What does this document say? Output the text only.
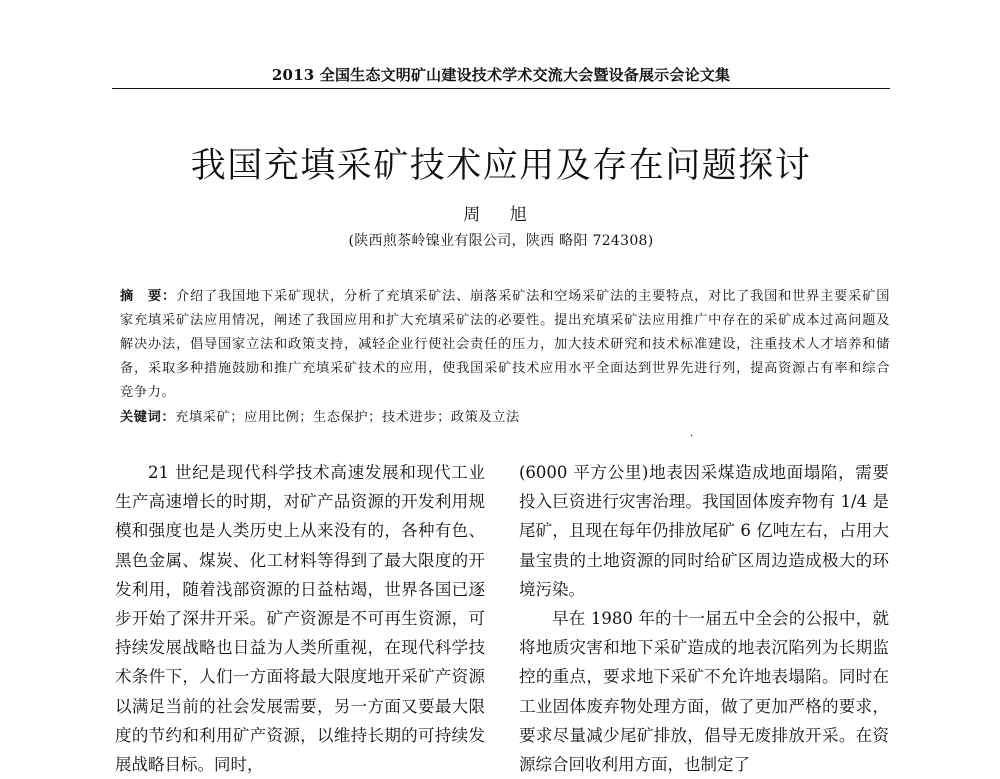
2013 全国生态文明矿山建设技术学术交流大会暨设备展示会论文集
我国充填采矿技术应用及存在问题探讨
周 旭
(陕西煎茶岭镍业有限公司，陕西 略阳 724308)
摘　要：介绍了我国地下采矿现状，分析了充填采矿法、崩落采矿法和空场采矿法的主要特点，对比了我国和世界主要采矿国家充填采矿法应用情况，阐述了我国应用和扩大充填采矿法的必要性。提出充填采矿法应用推广中存在的采矿成本过高问题及解决办法，倡导国家立法和政策支持，减轻企业行使社会责任的压力，加大技术研究和技术标准建设，注重技术人才培养和储备，采取多种措施鼓励和推广充填采矿技术的应用，使我国采矿技术应用水平全面达到世界先进行列，提高资源占有率和综合竞争力。
关键词：充填采矿；应用比例；生态保护；技术进步；政策及立法
·

21 世纪是现代科学技术高速发展和现代工业生产高速增长的时期，对矿产品资源的开发利用规模和强度也是人类历史上从来没有的，各种有色、黑色金属、煤炭、化工材料等得到了最大限度的开发利用，随着浅部资源的日益枯竭，世界各国已逐步开始了深井开采。矿产资源是不可再生资源，可持续发展战略也日益为人类所重视，在现代科学技术条件下，人们一方面将最大限度地开采矿产资源以满足当前的社会发展需要，另一方面又要最大限度的节约和利用矿产资源，以维持长期的可持续发展战略目标。同时，

(6000 平方公里)地表因采煤造成地面塌陷，需要投入巨资进行灾害治理。我国固体废弃物有 1/4 是尾矿，且现在每年仍排放尾矿 6 亿吨左右，占用大量宝贵的土地资源的同时给矿区周边造成极大的环境污染。

早在 1980 年的十一届五中全会的公报中，就将地质灾害和地下采矿造成的地表沉陷列为长期监控的重点，要求地下采矿不允许地表塌陷。同时在工业固体废弃物处理方面，做了更加严格的要求，要求尽量减少尾矿排放，倡导无废排放开采。在资源综合回收利用方面，也制定了
